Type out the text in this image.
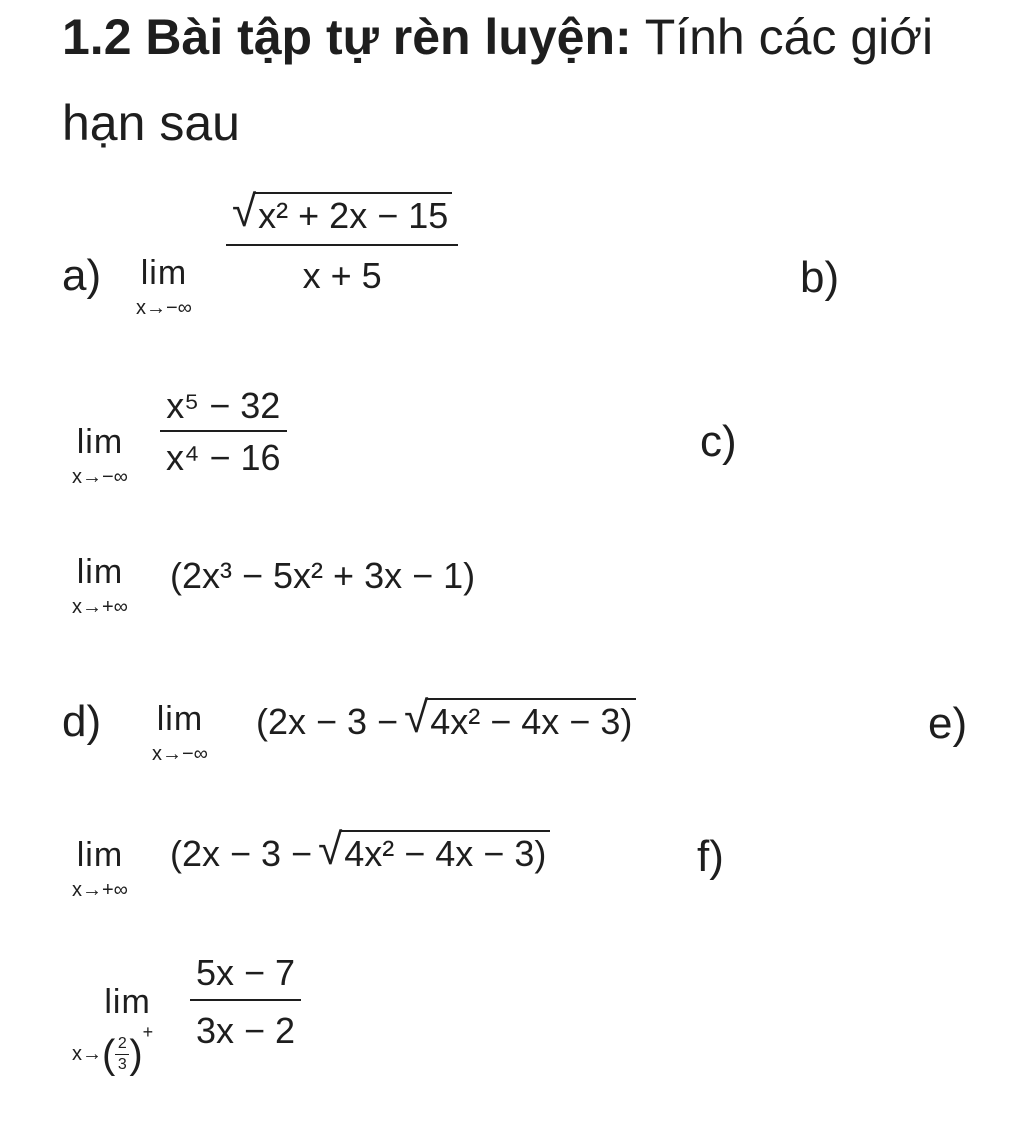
1.2 Bài tập tự rèn luyện: Tính các giới
hạn sau
a) lim
x→−∞
√ x² + 2x − 15
x + 5	b)
lim
x→−∞
x⁵ − 32
x⁴ − 16	c)
lim
x→+∞
(2x³ − 5x² + 3x − 1)
d) lim
x→−∞
(2x − 3 − √ 4x² − 4x − 3)	e)
lim
x→+∞
(2x − 3 − √ 4x² − 4x − 3)	f)
lim
$x\to( \frac{2}{3} )^+$
5x − 7
3x − 2
